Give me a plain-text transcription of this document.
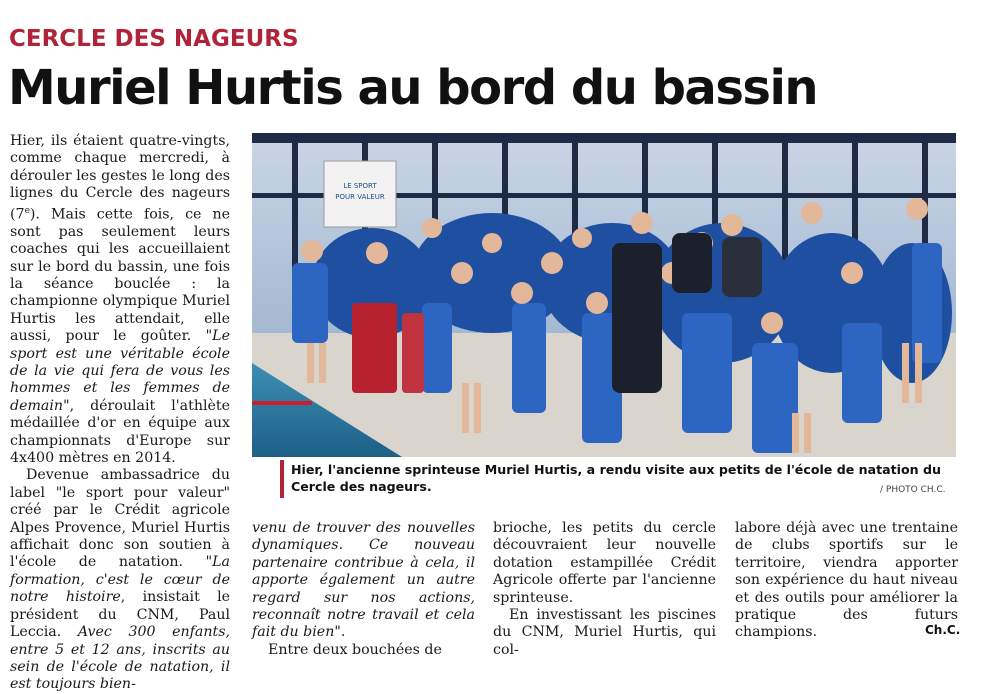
CERCLE DES NAGEURS
Muriel Hurtis au bord du bassin

Hier, ils étaient quatre-vingts, comme chaque mercredi, à dérouler les gestes le long des lignes du Cercle des nageurs (7e). Mais cette fois, ce ne sont pas seulement leurs coaches qui les accueillaient sur le bord du bassin, une fois la séance bouclée : la championne olympique Muriel Hurtis les attendait, elle aussi, pour le goûter. "Le sport est une véritable école de la vie qui fera de vous les hommes et les femmes de demain", déroulait l'athlète médaillée d'or en équipe aux championnats d'Europe sur 4x400 mètres en 2014.

Devenue ambassadrice du label "le sport pour valeur" créé par le Crédit agricole Alpes Provence, Muriel Hurtis affichait donc son soutien à l'école de natation. "La formation, c'est le cœur de notre histoire, insistait le président du CNM, Paul Leccia. Avec 300 enfants, entre 5 et 12 ans, inscrits au sein de l'école de natation, il est toujours bien-

LE SPORT
POUR VALEUR
Hier, l'ancienne sprinteuse Muriel Hurtis, a rendu visite aux petits de l'école de natation du Cercle des nageurs.	/ PHOTO CH.C.

venu de trouver des nouvelles dynamiques. Ce nouveau partenaire contribue à cela, il apporte également un autre regard sur nos actions, reconnaît notre travail et cela fait du bien".

Entre deux bouchées de

brioche, les petits du cercle découvraient leur nouvelle dotation estampillée Crédit Agricole offerte par l'ancienne sprinteuse.

En investissant les piscines du CNM, Muriel Hurtis, qui col-

labore déjà avec une trentaine de clubs sportifs sur le territoire, viendra apporter son expérience du haut niveau et des outils pour améliorer la pratique des futurs champions.	Ch.C.
